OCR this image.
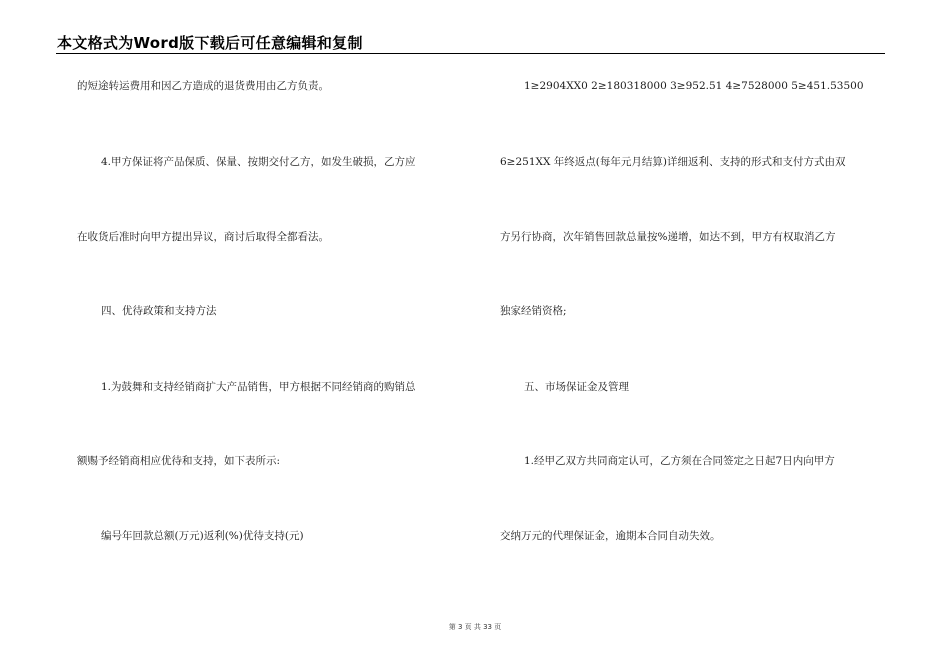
本文格式为Word版下载后可任意编辑和复制
的短途转运费用和因乙方造成的退货费用由乙方负责。
4.甲方保证将产品保质、保量、按期交付乙方，如发生破损，乙方应
在收货后准时向甲方提出异议，商讨后取得全都看法。
四、优待政策和支持方法
1.为鼓舞和支持经销商扩大产品销售，甲方根据不同经销商的购销总
额赐予经销商相应优待和支持，如下表所示:
编号年回款总额(万元)返利(%)优待支持(元)
1≥2904XX0 2≥180318000 3≥952.51 4≥7528000 5≥451.53500
6≥251XX 年终返点(每年元月结算)详细返利、支持的形式和支付方式由双
方另行协商，次年销售回款总量按%递增，如达不到，甲方有权取消乙方
独家经销资格;
五、市场保证金及管理
1.经甲乙双方共同商定认可，乙方须在合同签定之日起7日内向甲方
交纳万元的代理保证金，逾期本合同自动失效。
第 3 页 共 33 页
